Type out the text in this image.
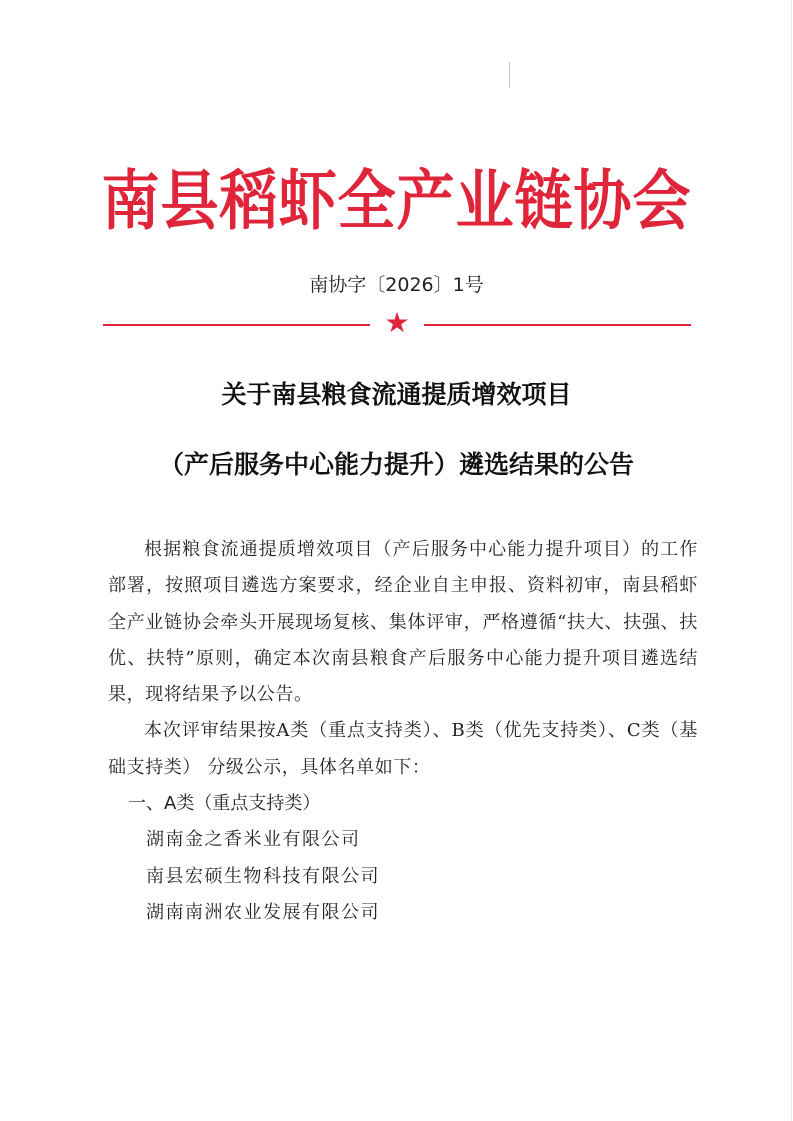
南县稻虾全产业链协会
南协字〔2026〕1号
★
关于南县粮食流通提质增效项目
（产后服务中心能力提升）遴选结果的公告

根据粮食流通提质增效项目（产后服务中心能力提升项目）的工作部署，按照项目遴选方案要求，经企业自主申报、资料初审，南县稻虾全产业链协会牵头开展现场复核、集体评审，严格遵循“扶大、扶强、扶优、扶特”原则，确定本次南县粮食产后服务中心能力提升项目遴选结果，现将结果予以公告。

本次评审结果按A类（重点支持类）、B类（优先支持类）、C类（基础支持类） 分级公示，具体名单如下：

一、A类（重点支持类）

湖南金之香米业有限公司

南县宏硕生物科技有限公司

湖南南洲农业发展有限公司
